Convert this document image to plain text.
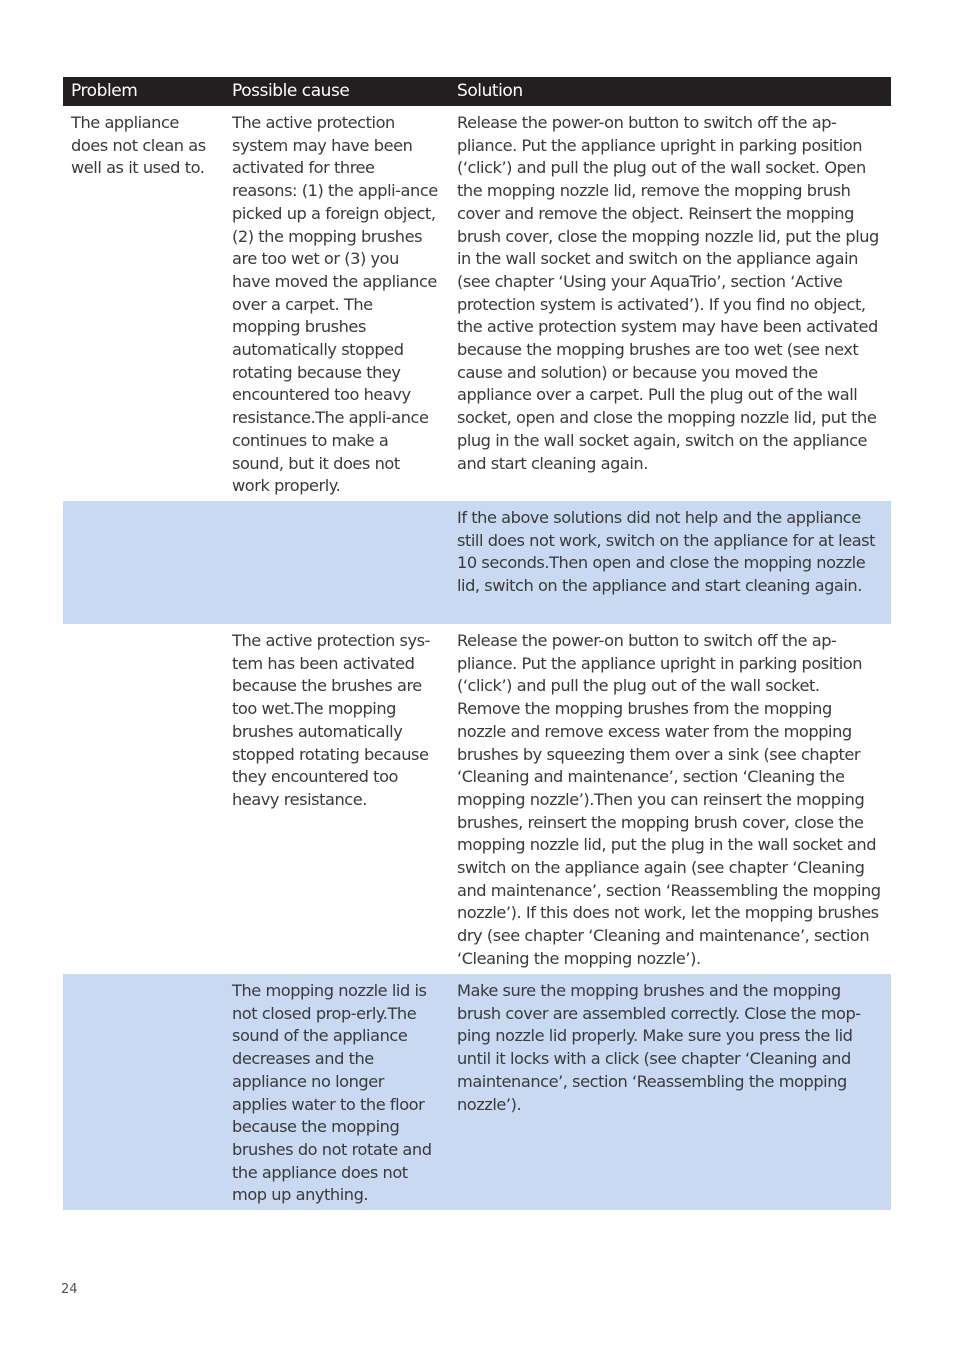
Problem	Possible cause	Solution
The appliance does not clean as well as it used to.
The active protection system may have been activated for three reasons: (1) the appli-ance picked up a foreign object, (2) the mopping brushes are too wet or (3) you have moved the appliance over a carpet. The mopping brushes automatically stopped rotating because they encountered too heavy resistance.The appli-ance continues to make a sound, but it does not work properly.
Release the power-on button to switch off the ap-pliance. Put the appliance upright in parking position (‘click’) and pull the plug out of the wall socket. Open the mopping nozzle lid, remove the mopping brush cover and remove the object. Reinsert the mopping brush cover, close the mopping nozzle lid, put the plug in the wall socket and switch on the appliance again (see chapter ‘Using your AquaTrio’, section ‘Active protection system is activated’). If you find no object, the active protection system may have been activated because the mopping brushes are too wet (see next cause and solution) or because you moved the appliance over a carpet. Pull the plug out of the wall socket, open and close the mopping nozzle lid, put the plug in the wall socket again, switch on the appliance and start cleaning again.
If the above solutions did not help and the appliance still does not work, switch on the appliance for at least 10 seconds.Then open and close the mopping nozzle lid, switch on the appliance and start cleaning again.
The active protection sys-tem has been activated because the brushes are too wet.The mopping brushes automatically stopped rotating because they encountered too heavy resistance.
Release the power-on button to switch off the ap-pliance. Put the appliance upright in parking position (‘click’) and pull the plug out of the wall socket. Remove the mopping brushes from the mopping nozzle and remove excess water from the mopping brushes by squeezing them over a sink (see chapter ‘Cleaning and maintenance’, section ‘Cleaning the mopping nozzle’).Then you can reinsert the mopping brushes, reinsert the mopping brush cover, close the mopping nozzle lid, put the plug in the wall socket and switch on the appliance again (see chapter ‘Cleaning and maintenance’, section ‘Reassembling the mopping nozzle’). If this does not work, let the mopping brushes dry (see chapter ‘Cleaning and maintenance’, section ‘Cleaning the mopping nozzle’).
The mopping nozzle lid is not closed prop-erly.The sound of the appliance decreases and the appliance no longer applies water to the floor because the mopping brushes do not rotate and the appliance does not mop up anything.
Make sure the mopping brushes and the mopping brush cover are assembled correctly. Close the mop-ping nozzle lid properly. Make sure you press the lid until it locks with a click (see chapter ‘Cleaning and maintenance’, section ‘Reassembling the mopping nozzle’).
24
